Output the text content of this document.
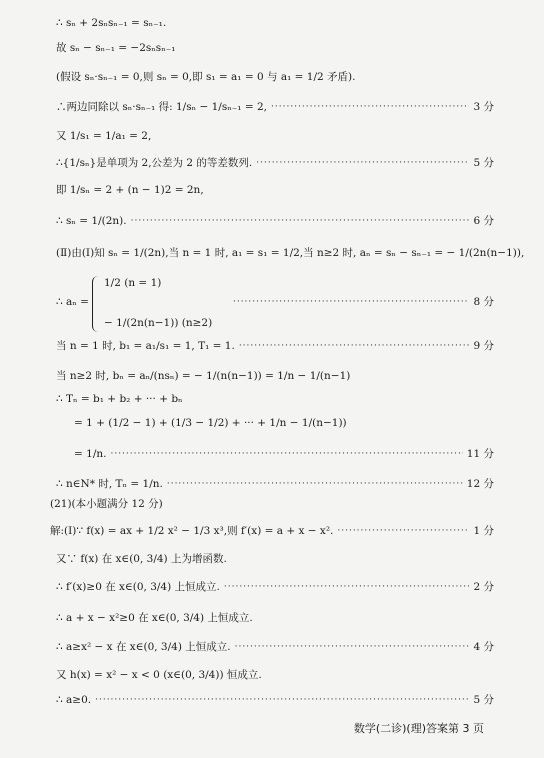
∴ sₙ + 2sₙsₙ₋₁ = sₙ₋₁.
故 sₙ − sₙ₋₁ = −2sₙsₙ₋₁
(假设 sₙ·sₙ₋₁ = 0,则 sₙ = 0,即 s₁ = a₁ = 0 与 a₁ = 1/2 矛盾).
∴两边同除以 sₙ·sₙ₋₁ 得: 1/sₙ − 1/sₙ₋₁ = 2, ·····	3 分
又 1/s₁ = 1/a₁ = 2,
∴{1/sₙ}是单项为 2,公差为 2 的等差数列. ·····	5 分
即 1/sₙ = 2 + (n − 1)2 = 2n,
∴ sₙ = 1/(2n). ·····	6 分
(Ⅱ)由(Ⅰ)知 sₙ = 1/(2n),当 n = 1 时, a₁ = s₁ = 1/2,当 n≥2 时, aₙ = sₙ − sₙ₋₁ = − 1/(2n(n−1)),
1/2 (n = 1)
∴ aₙ = ·····	8 分
− 1/(2n(n−1)) (n≥2)
当 n = 1 时, b₁ = a₁/s₁ = 1, T₁ = 1. ·····	9 分
当 n≥2 时, bₙ = aₙ/(nsₙ) = − 1/(n(n−1)) = 1/n − 1/(n−1)
∴ Tₙ = b₁ + b₂ + ··· + bₙ
= 1 + (1/2 − 1) + (1/3 − 1/2) + ··· + 1/n − 1/(n−1))
= 1/n. ·····	11 分
∴ n∈N* 时, Tₙ = 1/n. ·····	12 分
(21)(本小题满分 12 分)
解:(Ⅰ)∵ f(x) = ax + 1/2 x² − 1/3 x³,则 f′(x) = a + x − x². ·····	1 分
又∵ f(x) 在 x∈(0, 3/4) 上为增函数.
∴ f′(x)≥0 在 x∈(0, 3/4) 上恒成立. ·····	2 分
∴ a + x − x²≥0 在 x∈(0, 3/4) 上恒成立.
∴ a≥x² − x 在 x∈(0, 3/4) 上恒成立. ·····	4 分
又 h(x) = x² − x < 0 (x∈(0, 3/4)) 恒成立.
∴ a≥0. ·····	5 分
数学(二诊)(理)答案第 3 页
